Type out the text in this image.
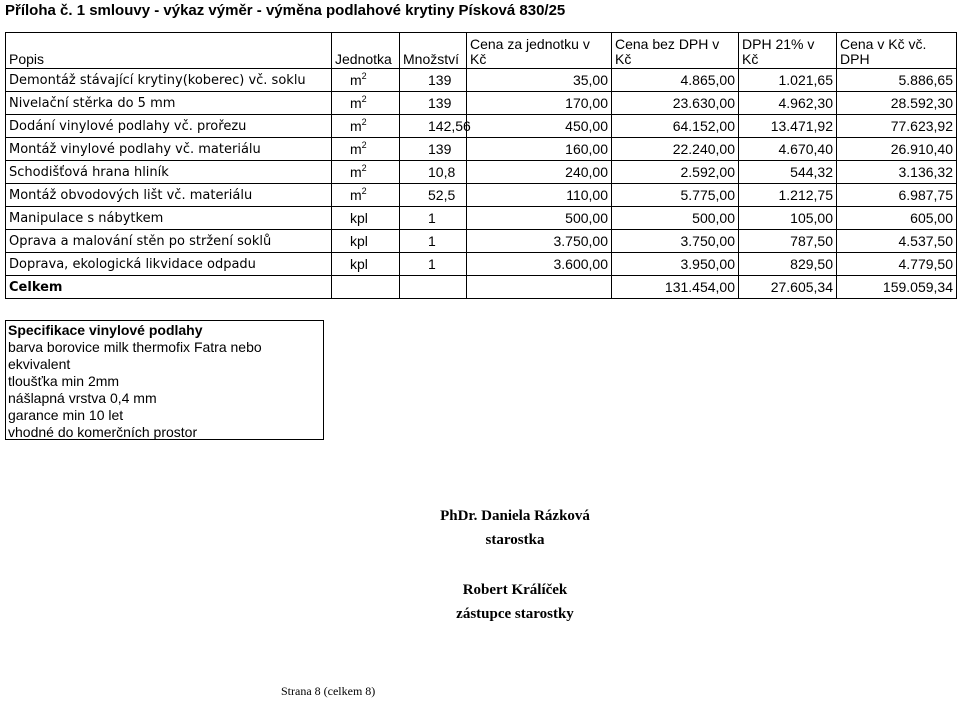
Příloha č. 1 smlouvy - výkaz výměr - výměna podlahové krytiny Písková 830/25
Popis	Jednotka	Množství	Cena za jednotku v Kč	Cena bez DPH v Kč	DPH 21% v Kč	Cena v Kč vč. DPH
Demontáž stávající krytiny(koberec) vč. soklu	$m^2$	139	35,00	4.865,00	1.021,65	5.886,65
Nivelační stěrka do 5 mm	$m^2$	139	170,00	23.630,00	4.962,30	28.592,30
Dodání vinylové podlahy vč. prořezu	$m^2$	142,56	450,00	64.152,00	13.471,92	77.623,92
Montáž vinylové podlahy vč. materiálu	$m^2$	139	160,00	22.240,00	4.670,40	26.910,40
Schodišťová hrana hliník	$m^2$	10,8	240,00	2.592,00	544,32	3.136,32
Montáž obvodových lišt vč. materiálu	$m^2$	52,5	110,00	5.775,00	1.212,75	6.987,75
Manipulace s nábytkem	kpl	1	500,00	500,00	105,00	605,00
Oprava a malování stěn po stržení soklů	kpl	1	3.750,00	3.750,00	787,50	4.537,50
Doprava, ekologická likvidace odpadu	kpl	1	3.600,00	3.950,00	829,50	4.779,50
Celkem				131.454,00	27.605,34	159.059,34
Specifikace vinylové podlahy
barva borovice milk thermofix Fatra nebo
ekvivalent
tloušťka min 2mm
nášlapná vrstva 0,4 mm
garance min 10 let
vhodné do komerčních prostor
PhDr. Daniela Rázková
starostka
Robert Králíček
zástupce starostky
Strana 8 (celkem 8)
